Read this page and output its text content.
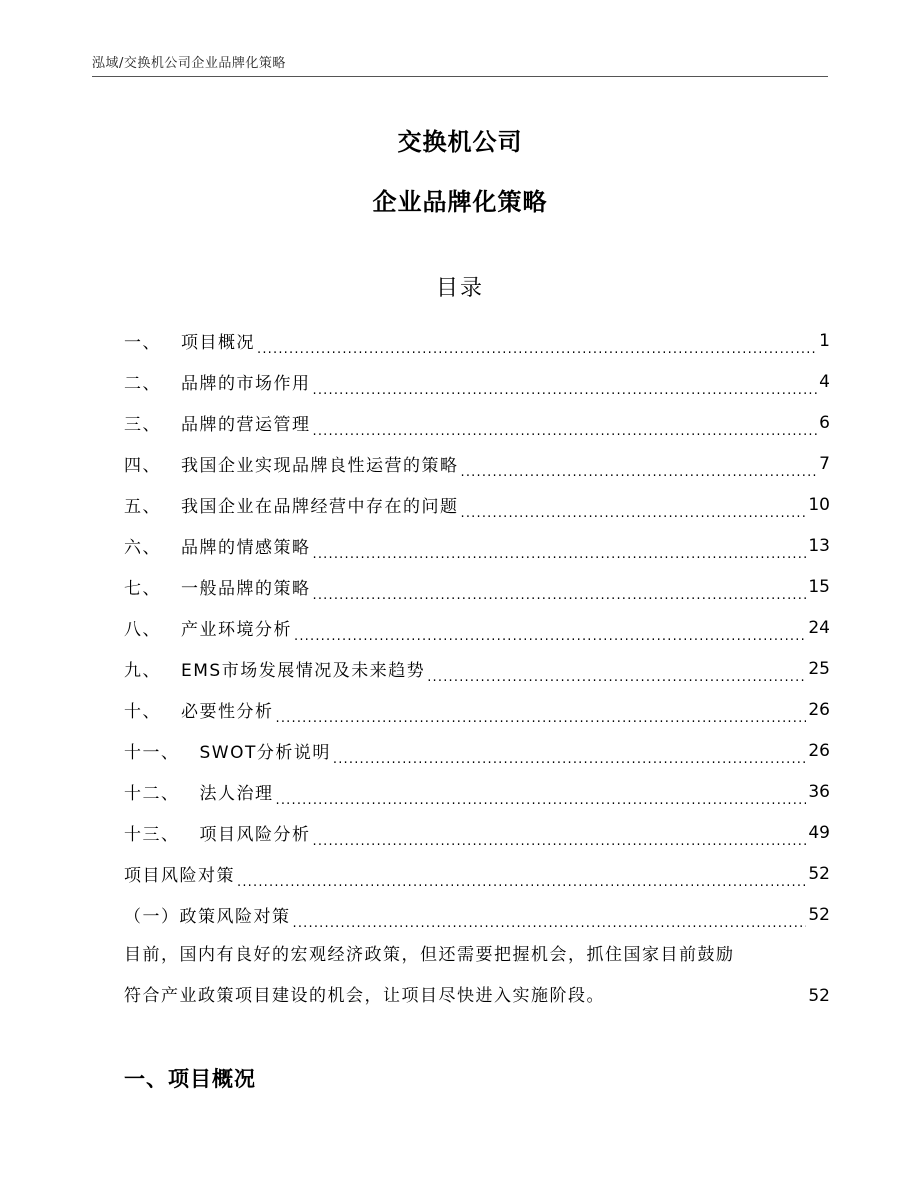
泓域/交换机公司企业品牌化策略
交换机公司
企业品牌化策略
目录
一、 项目概况 .....	1
二、 品牌的市场作用 .....	4
三、 品牌的营运管理 .....	6
四、 我国企业实现品牌良性运营的策略 .....	7
五、 我国企业在品牌经营中存在的问题 .....	10
六、 品牌的情感策略 .....	13
七、 一般品牌的策略 .....	15
八、 产业环境分析 .....	24
九、 EMS市场发展情况及未来趋势 .....	25
十、 必要性分析 .....	26
十一、 SWOT分析说明 .....	26
十二、 法人治理 .....	36
十三、 项目风险分析 .....	49
项目风险对策 .....	52
（一）政策风险对策 .....	52
目前，国内有良好的宏观经济政策，但还需要把握机会，抓住国家目前鼓励
符合产业政策项目建设的机会，让项目尽快进入实施阶段。 .....	52
一、项目概况
